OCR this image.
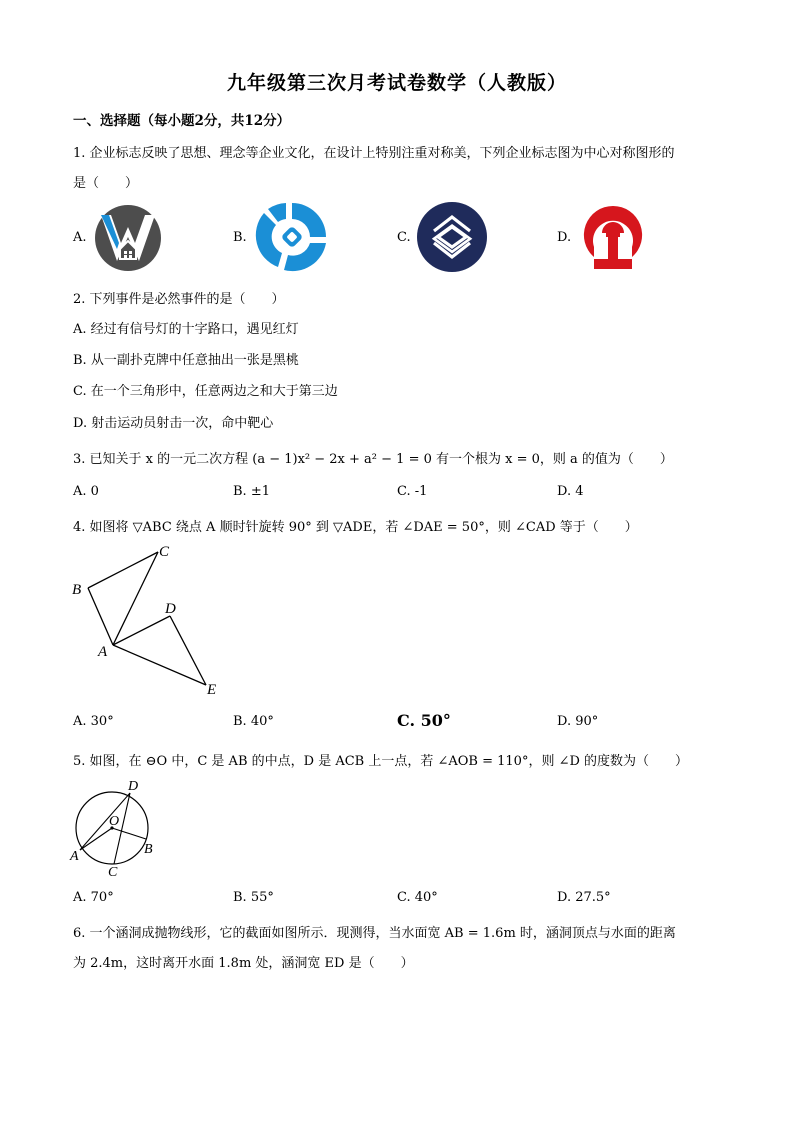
九年级第三次月考试卷数学（人教版）
一、选择题（每小题2分，共12分）
1. 企业标志反映了思想、理念等企业文化，在设计上特别注重对称美，下列企业标志图为中心对称图形的
是（　　）
A.	B.	C.	D.
2. 下列事件是必然事件的是（　　）
A. 经过有信号灯的十字路口，遇见红灯
B. 从一副扑克牌中任意抽出一张是黑桃
C. 在一个三角形中，任意两边之和大于第三边
D. 射击运动员射击一次，命中靶心
3. 已知关于 x 的一元二次方程 (a − 1)x² − 2x + a² − 1 = 0 有一个根为 x = 0，则 a 的值为（　　）
A. 0	B. ±1	C. -1	D. 4
4. 如图将 ▽ABC 绕点 A 顺时针旋转 90° 到 ▽ADE，若 ∠DAE = 50°，则 ∠CAD 等于（　　）
C
B
D
A
E
A. 30°	B. 40°	C. 50°	D. 90°
5. 如图，在 ⊖O 中，C 是 AB 的中点，D 是 ACB 上一点，若 ∠AOB = 110°，则 ∠D 的度数为（　　）
D
O
A	B
C
A. 70°	B. 55°	C. 40°	D. 27.5°
6. 一个涵洞成抛物线形，它的截面如图所示．现测得，当水面宽 AB = 1.6m 时，涵洞顶点与水面的距离
为 2.4m，这时离开水面 1.8m 处，涵洞宽 ED 是（　　）
